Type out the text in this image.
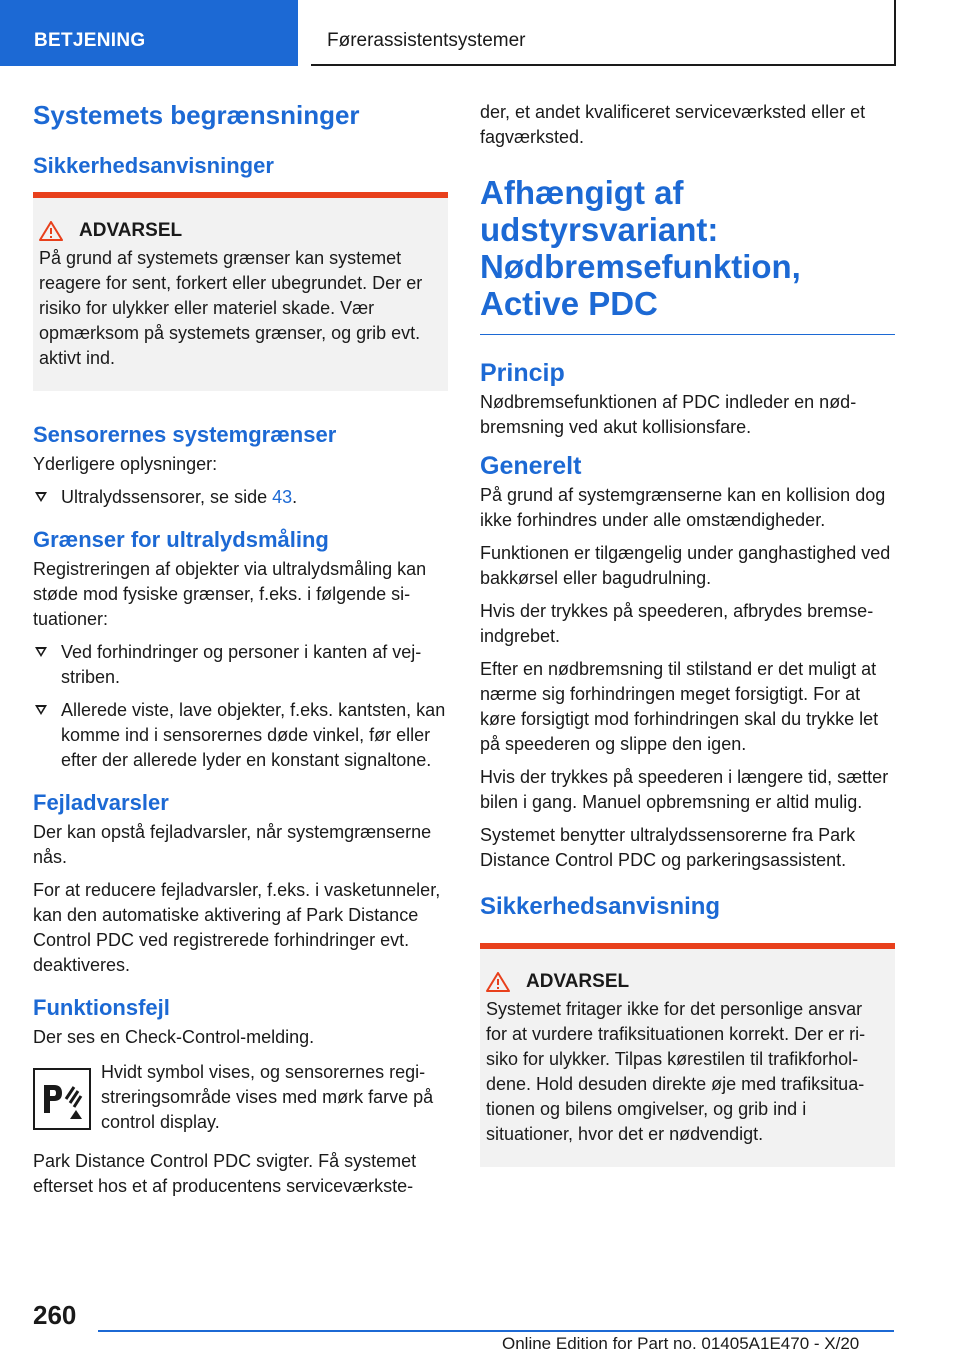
BETJENING	Førerassistentsystemer
Systemets begrænsninger
Sikkerhedsanvisninger
ADVARSEL

På grund af systemets grænser kan systemet reagere for sent, forkert eller ubegrundet. Der er risiko for ulykker eller materiel skade. Vær opmærksom på systemets grænser, og grib evt. aktivt ind.

Sensorernes systemgrænser

Yderligere oplysninger:

Ultralydssensorer, se side 43.
Grænser for ultralydsmåling

Registreringen af objekter via ultralydsmåling kan støde mod fysiske grænser, f.eks. i følgende situationer:

Ved forhindringer og personer i kanten af vejstriben.
Allerede viste, lave objekter, f.eks. kantsten, kan komme ind i sensorernes døde vinkel, før eller efter der allerede lyder en konstant signaltone.
Fejladvarsler

Der kan opstå fejladvarsler, når systemgrænserne nås.

For at reducere fejladvarsler, f.eks. i vasketunneler, kan den automatiske aktivering af Park Distance Control PDC ved registrerede forhindringer evt. deaktiveres.

Funktionsfejl

Der ses en Check-Control-melding.

Hvidt symbol vises, og sensorernes registreringsområde vises med mørk farve på control display.

Park Distance Control PDC svigter. Få systemet efterset hos et af producentens serviceværkste-

der, et andet kvalificeret serviceværksted eller et fagværksted.

Afhængigt af udstyrsvariant: Nødbremsefunktion, Active PDC
Princip

Nødbremsefunktionen af PDC indleder en nødbremsning ved akut kollisionsfare.

Generelt

På grund af systemgrænserne kan en kollision dog ikke forhindres under alle omstændigheder.

Funktionen er tilgængelig under ganghastighed ved bakkørsel eller bagudrulning.

Hvis der trykkes på speederen, afbrydes bremseindgrebet.

Efter en nødbremsning til stilstand er det muligt at nærme sig forhindringen meget forsigtigt. For at køre forsigtigt mod forhindringen skal du trykke let på speederen og slippe den igen.

Hvis der trykkes på speederen i længere tid, sætter bilen i gang. Manuel opbremsning er altid mulig.

Systemet benytter ultralydssensorerne fra Park Distance Control PDC og parkeringsassistent.

Sikkerhedsanvisning
ADVARSEL

Systemet fritager ikke for det personlige ansvar for at vurdere trafiksituationen korrekt. Der er risiko for ulykker. Tilpas kørestilen til trafikforholdene. Hold desuden direkte øje med trafiksituationen og bilens omgivelser, og grib ind i situationer, hvor det er nødvendigt.

260
Online Edition for Part no. 01405A1E470 - X/20
